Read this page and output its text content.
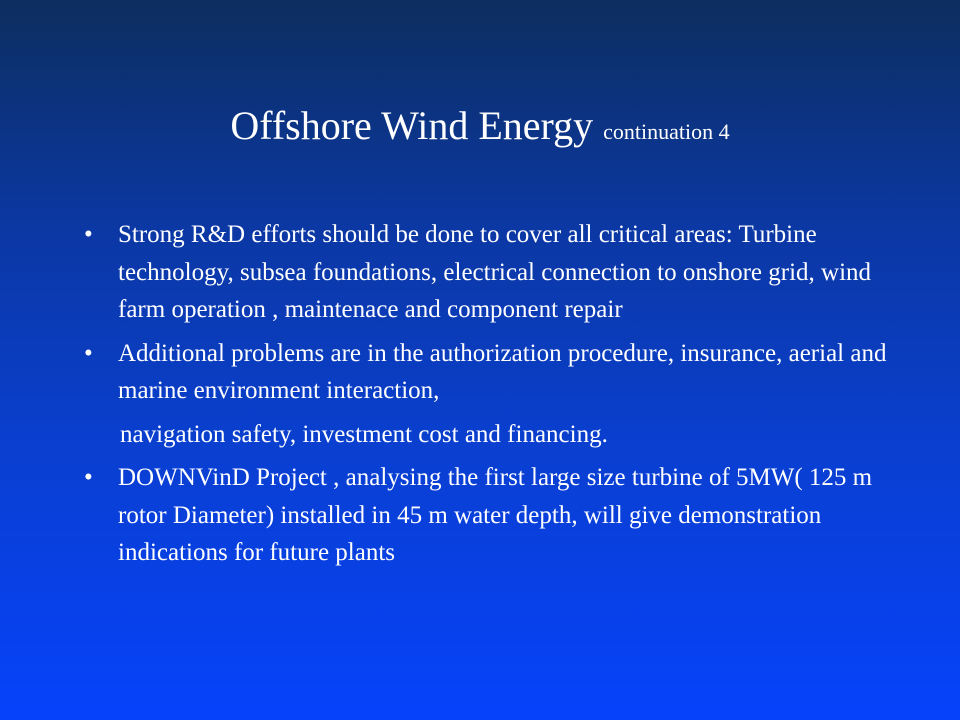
Offshore Wind Energy continuation 4
•	Strong R&D efforts should be done to cover all critical areas: Turbine technology, subsea foundations, electrical connection to onshore grid, wind farm operation , maintenace and component repair
•	Additional problems are in the authorization procedure, insurance, aerial and marine environment interaction,
navigation safety, investment cost and financing.
•	DOWNVinD Project , analysing the first large size turbine of 5MW( 125 m rotor Diameter) installed in 45 m water depth, will give demonstration indications for future plants
